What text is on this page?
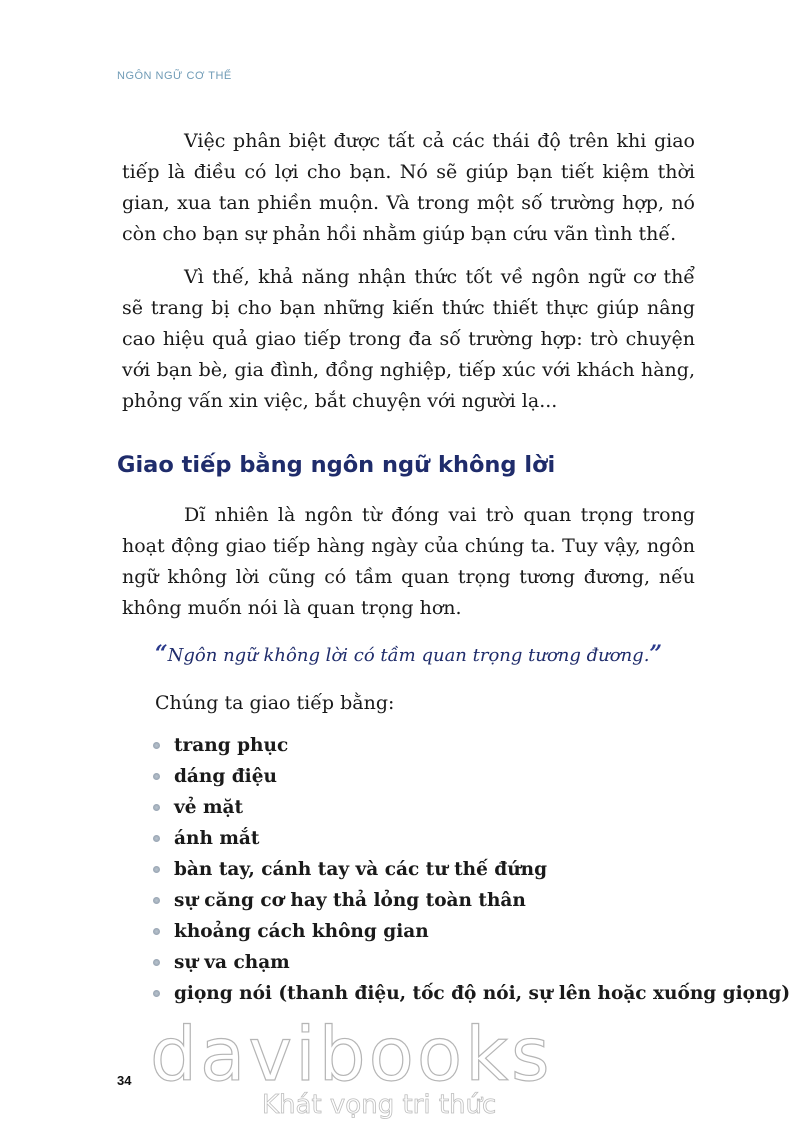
NGÔN NGỮ CƠ THỂ

Việc phân biệt được tất cả các thái độ trên khi giao tiếp là điều có lợi cho bạn. Nó sẽ giúp bạn tiết kiệm thời gian, xua tan phiền muộn. Và trong một số trường hợp, nó còn cho bạn sự phản hồi nhằm giúp bạn cứu vãn tình thế.

Vì thế, khả năng nhận thức tốt về ngôn ngữ cơ thể sẽ trang bị cho bạn những kiến thức thiết thực giúp nâng cao hiệu quả giao tiếp trong đa số trường hợp: trò chuyện với bạn bè, gia đình, đồng nghiệp, tiếp xúc với khách hàng, phỏng vấn xin việc, bắt chuyện với người lạ...

Giao tiếp bằng ngôn ngữ không lời

Dĩ nhiên là ngôn từ đóng vai trò quan trọng trong hoạt động giao tiếp hàng ngày của chúng ta. Tuy vậy, ngôn ngữ không lời cũng có tầm quan trọng tương đương, nếu không muốn nói là quan trọng hơn.

“Ngôn ngữ không lời có tầm quan trọng tương đương.”

Chúng ta giao tiếp bằng:

trang phục
dáng điệu
vẻ mặt
ánh mắt
bàn tay, cánh tay và các tư thế đứng
sự căng cơ hay thả lỏng toàn thân
khoảng cách không gian
sự va chạm
giọng nói (thanh điệu, tốc độ nói, sự lên hoặc xuống giọng)
34 davibooks
Khát vọng tri thức
